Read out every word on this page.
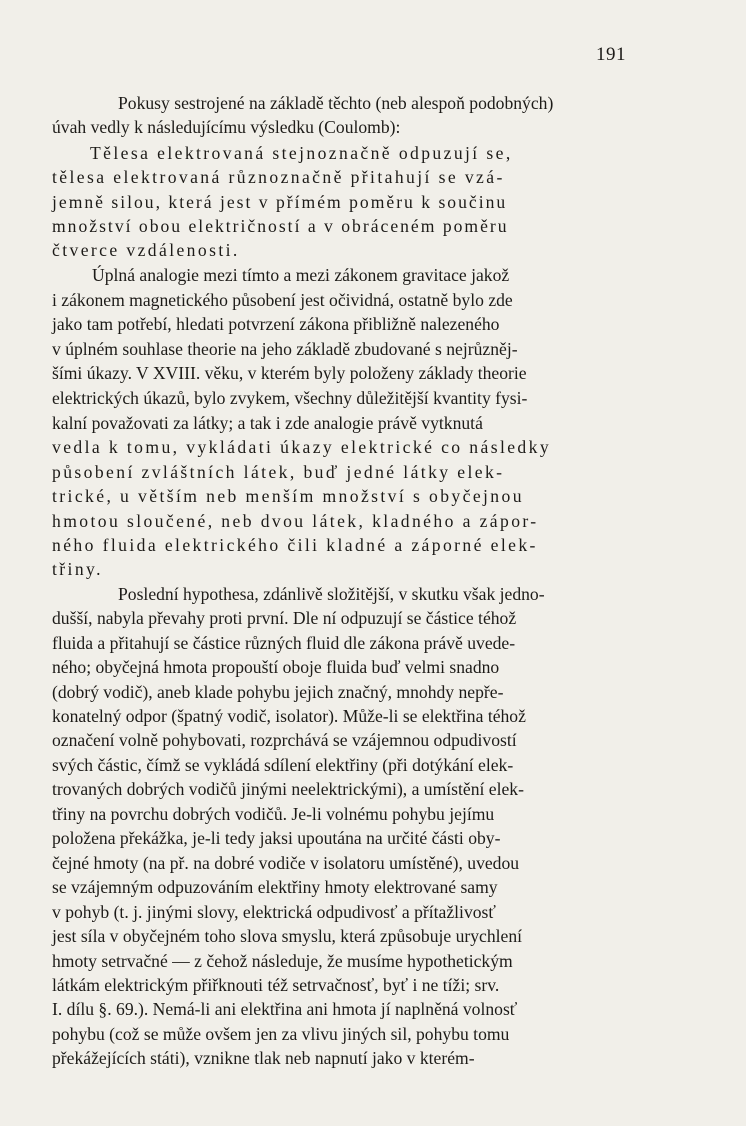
191
Pokusy sestrojené na základě těchto (neb alespoň podobných)
úvah vedly k následujícímu výsledku (Coulomb):
Tělesa elektrovaná stejnoznačně odpuzují se,
tělesa elektrovaná různoznačně přitahují se vzá-
jemně silou, která jest v přímém poměru k součinu
množství obou električností a v obráceném poměru
čtverce vzdálenosti.
Úplná analogie mezi tímto a mezi zákonem gravitace jakož
i zákonem magnetického působení jest očividná, ostatně bylo zde
jako tam potřebí, hledati potvrzení zákona přibližně nalezeného
v úplném souhlase theorie na jeho základě zbudované s nejrůzněj-
šími úkazy. V XVIII. věku, v kterém byly položeny základy theorie
elektrických úkazů, bylo zvykem, všechny důležitější kvantity fysi-
kalní považovati za látky; a tak i zde analogie právě vytknutá
vedla k tomu, vykládati úkazy elektrické co následky
působení zvláštních látek, buď jedné látky elek-
trické, u větším neb menším množství s obyčejnou
hmotou sloučené, neb dvou látek, kladného a zápor-
ného fluida elektrického čili kladné a záporné elek-
třiny.
Poslední hypothesa, zdánlivě složitější, v skutku však jedno-
dušší, nabyla převahy proti první. Dle ní odpuzují se částice téhož
fluida a přitahují se částice různých fluid dle zákona právě uvede-
ného; obyčejná hmota propouští oboje fluida buď velmi snadno
(dobrý vodič), aneb klade pohybu jejich značný, mnohdy nepře-
konatelný odpor (špatný vodič, isolator). Může-li se elektřina téhož
označení volně pohybovati, rozprchává se vzájemnou odpudivostí
svých částic, čímž se vykládá sdílení elektřiny (při dotýkání elek-
trovaných dobrých vodičů jinými neelektrickými), a umístění elek-
třiny na povrchu dobrých vodičů. Je-li volnému pohybu jejímu
položena překážka, je-li tedy jaksi upoutána na určité části oby-
čejné hmoty (na př. na dobré vodiče v isolatoru umístěné), uvedou
se vzájemným odpuzováním elektřiny hmoty elektrované samy
v pohyb (t. j. jinými slovy, elektrická odpudivosť a přítažlivosť
jest síla v obyčejném toho slova smyslu, která způsobuje urychlení
hmoty setrvačné — z čehož následuje, že musíme hypothetickým
látkám elektrickým přiřknouti též setrvačnosť, byť i ne tíži; srv.
I. dílu §. 69.). Nemá-li ani elektřina ani hmota jí naplněná volnosť
pohybu (což se může ovšem jen za vlivu jiných sil, pohybu tomu
překážejících státi), vznikne tlak neb napnutí jako v kterém-
